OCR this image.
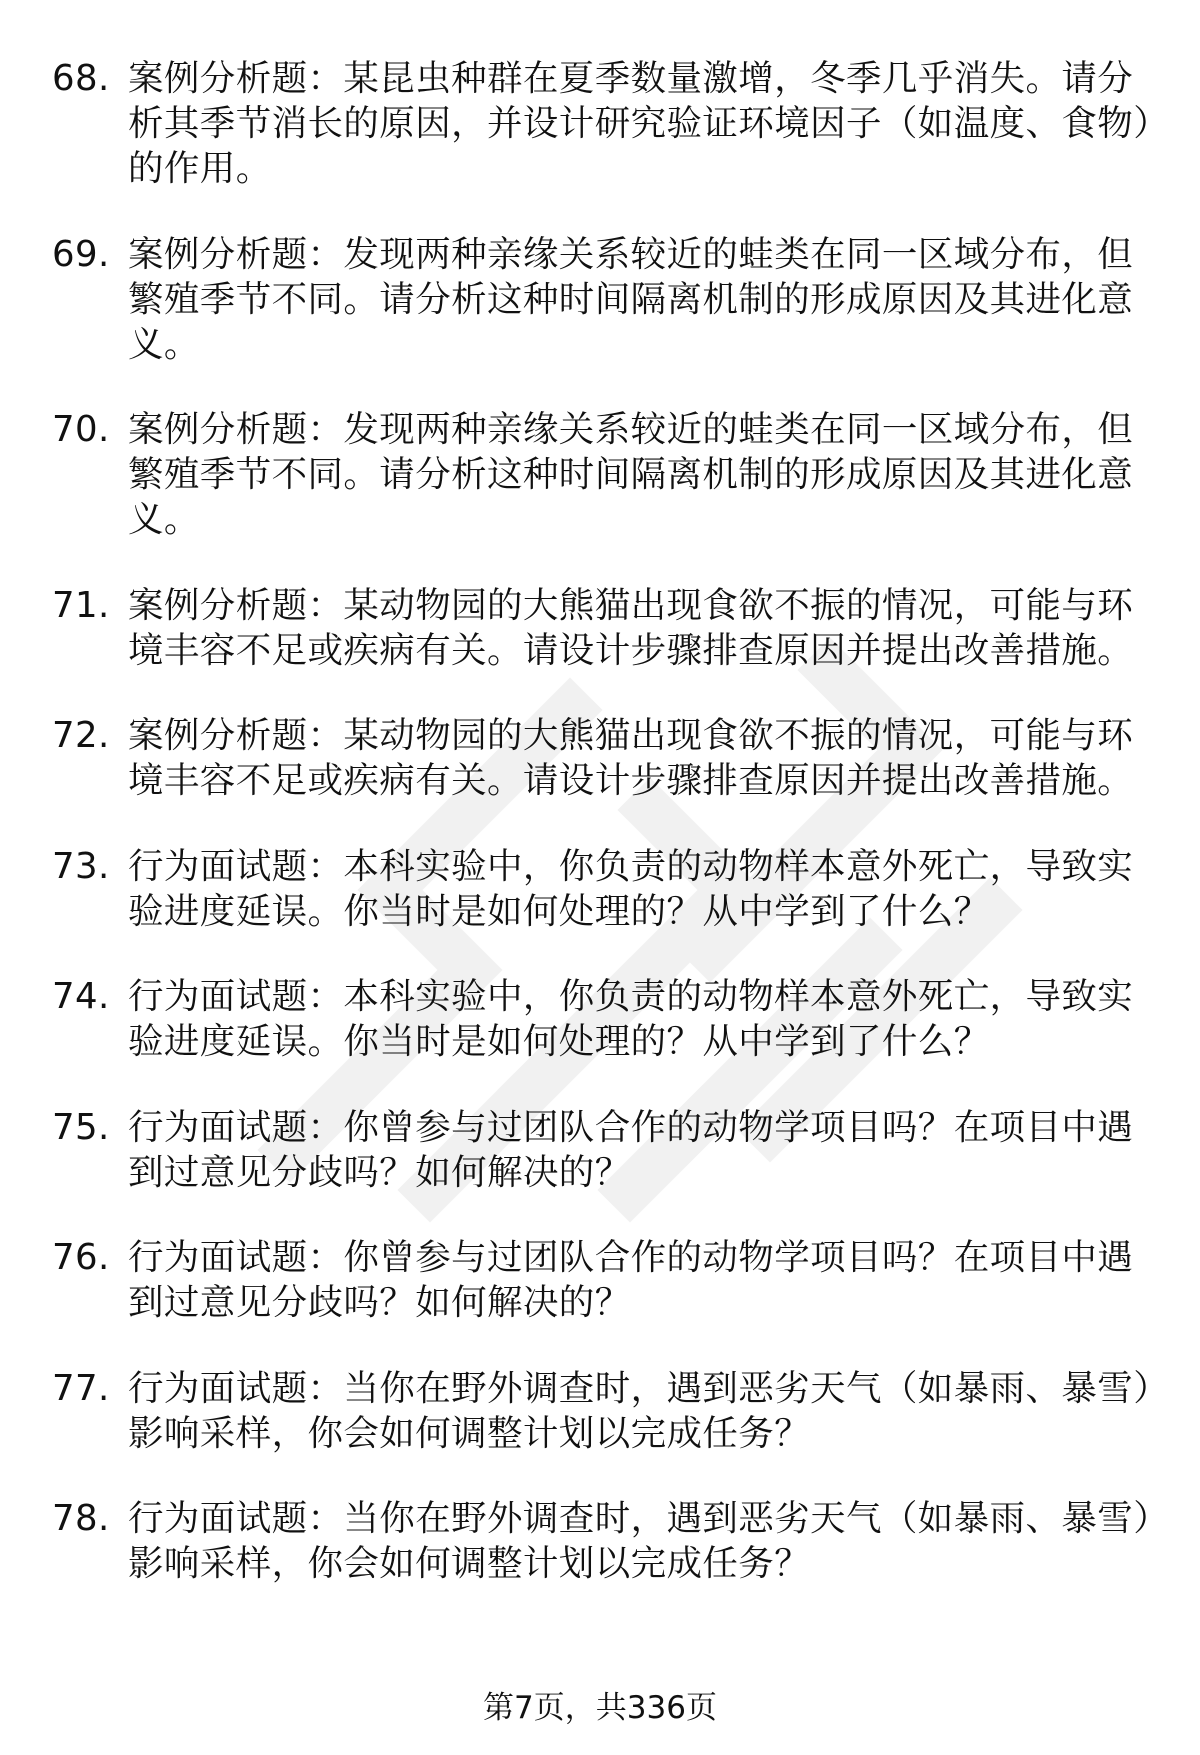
68. 案例分析题：某昆虫种群在夏季数量激增，冬季几乎消失。请分析其季节消长的原因，并设计研究验证环境因子（如温度、食物）的作用。
69. 案例分析题：发现两种亲缘关系较近的蛙类在同一区域分布，但繁殖季节不同。请分析这种时间隔离机制的形成原因及其进化意义。
70. 案例分析题：发现两种亲缘关系较近的蛙类在同一区域分布，但繁殖季节不同。请分析这种时间隔离机制的形成原因及其进化意义。
71. 案例分析题：某动物园的大熊猫出现食欲不振的情况，可能与环境丰容不足或疾病有关。请设计步骤排查原因并提出改善措施。
72. 案例分析题：某动物园的大熊猫出现食欲不振的情况，可能与环境丰容不足或疾病有关。请设计步骤排查原因并提出改善措施。
73. 行为面试题：本科实验中，你负责的动物样本意外死亡，导致实验进度延误。你当时是如何处理的？从中学到了什么？
74. 行为面试题：本科实验中，你负责的动物样本意外死亡，导致实验进度延误。你当时是如何处理的？从中学到了什么？
75. 行为面试题：你曾参与过团队合作的动物学项目吗？在项目中遇到过意见分歧吗？如何解决的？
76. 行为面试题：你曾参与过团队合作的动物学项目吗？在项目中遇到过意见分歧吗？如何解决的？
77. 行为面试题：当你在野外调查时，遇到恶劣天气（如暴雨、暴雪）影响采样，你会如何调整计划以完成任务？
78. 行为面试题：当你在野外调查时，遇到恶劣天气（如暴雨、暴雪）影响采样，你会如何调整计划以完成任务？
第7页，共336页
